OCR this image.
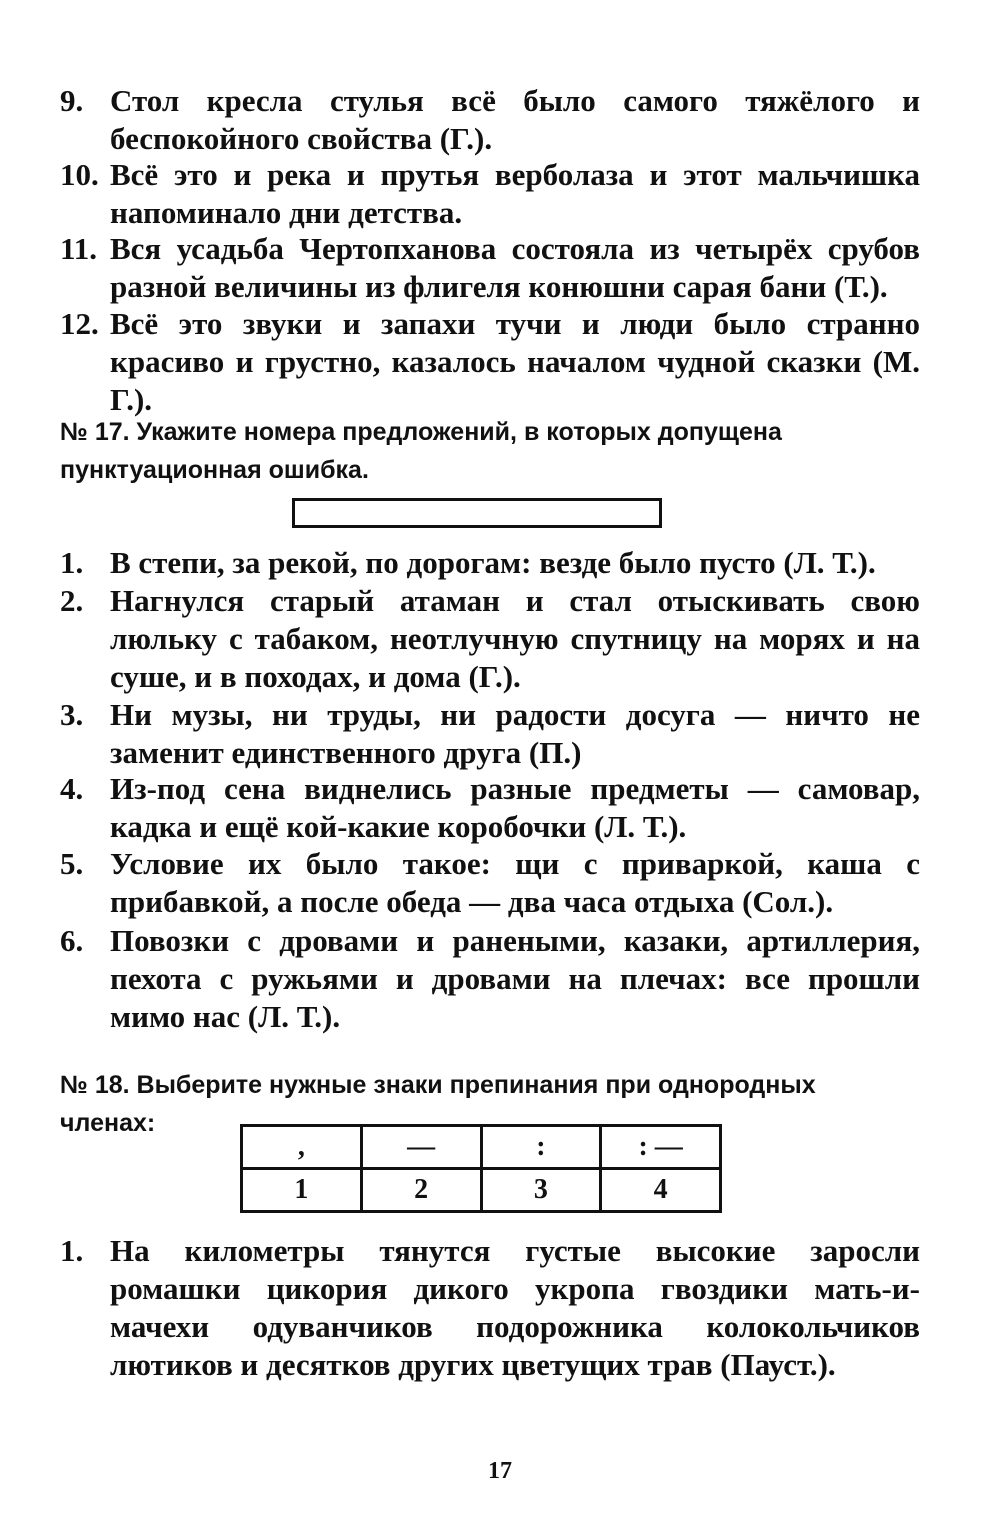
9. Стол кресла стулья всё было самого тяжёлого и беспокойного свойства (Г.).
10. Всё это и река и прутья верболаза и этот мальчишка напоминало дни детства.
11. Вся усадьба Чертопханова состояла из четырёх срубов разной величины из флигеля конюшни сарая бани (Т.).
12. Всё это звуки и запахи тучи и люди было странно красиво и грустно, казалось началом чудной сказки (М. Г.).
№ 17. Укажите номера предложений, в которых допущена пунктуационная ошибка.
1. В степи, за рекой, по дорогам: везде было пусто (Л. Т.).
2. Нагнулся старый атаман и стал отыскивать свою люльку с табаком, неотлучную спутницу на морях и на суше, и в походах, и дома (Г.).
3. Ни музы, ни труды, ни радости досуга — ничто не заменит единственного друга (П.)
4. Из-под сена виднелись разные предметы — самовар, кадка и ещё кой-какие коробочки (Л. Т.).
5. Условие их было такое: щи с приваркой, каша с прибавкой, а после обеда — два часа отдыха (Сол.).
6. Повозки с дровами и ранеными, казаки, артиллерия, пехота с ружьями и дровами на плечах: все прошли мимо нас (Л. Т.).
№ 18. Выберите нужные знаки препинания при однородных членах:
,	—	:	: —
1	2	3	4
1. На километры тянутся густые высокие заросли ромашки цикория дикого укропа гвоздики мать-и-мачехи одуванчиков подорожника колокольчиков лютиков и десятков других цветущих трав (Пауст.).
17
